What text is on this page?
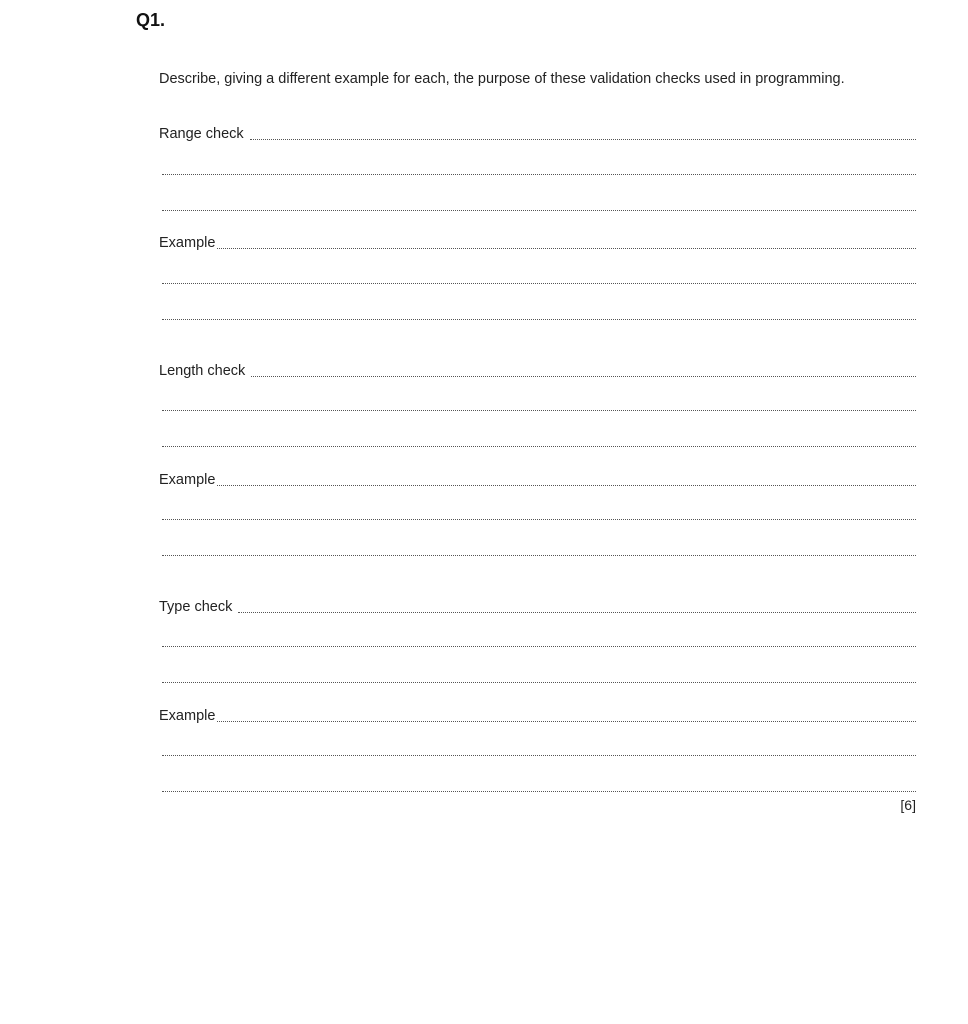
Q1.
Describe, giving a different example for each, the purpose of these validation checks used in programming.
Range check
Example
Length check
Example
Type check
Example
[6]
